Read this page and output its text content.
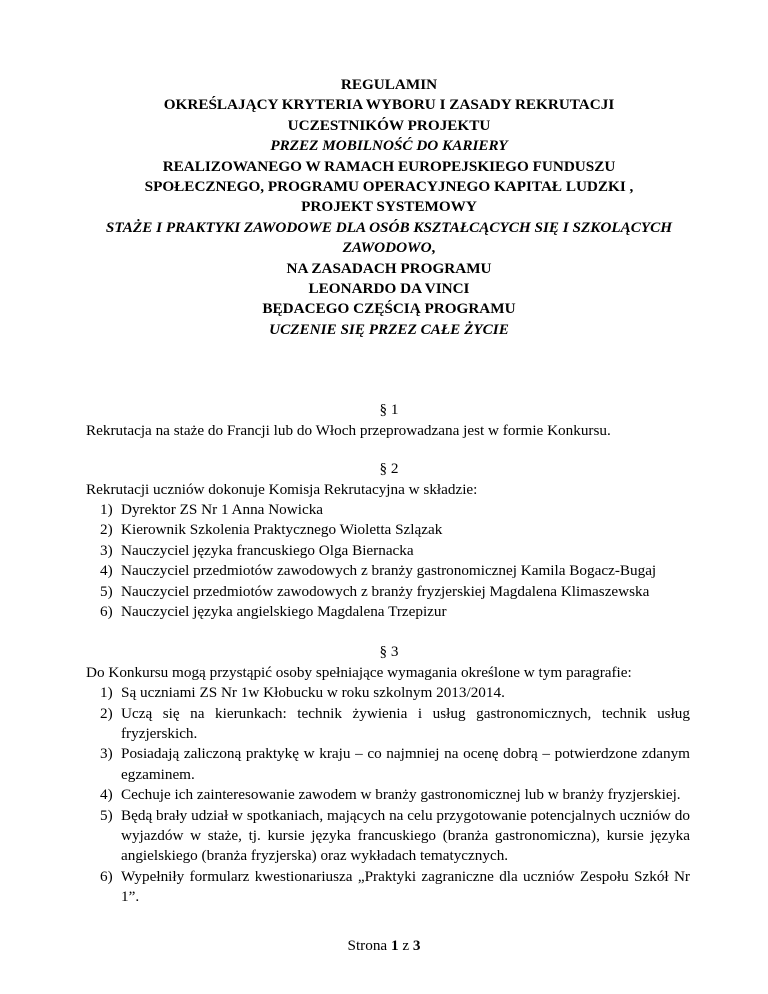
REGULAMIN
OKREŚLAJĄCY KRYTERIA WYBORU I ZASADY REKRUTACJI
UCZESTNIKÓW PROJEKTU
PRZEZ MOBILNOŚĆ DO KARIERY
REALIZOWANEGO W RAMACH EUROPEJSKIEGO FUNDUSZU
SPOŁECZNEGO, PROGRAMU OPERACYJNEGO KAPITAŁ LUDZKI ,
PROJEKT SYSTEMOWY
STAŻE I PRAKTYKI ZAWODOWE DLA OSÓB KSZTAŁCĄCYCH SIĘ I SZKOLĄCYCH
ZAWODOWO,
NA ZASADACH PROGRAMU
LEONARDO DA VINCI
BĘDACEGO CZĘŚCIĄ PROGRAMU
UCZENIE SIĘ PRZEZ CAŁE ŻYCIE
§ 1
Rekrutacja na staże do Francji lub do Włoch przeprowadzana jest w formie Konkursu.
§ 2
Rekrutacji uczniów dokonuje Komisja Rekrutacyjna w składzie:
1) Dyrektor ZS Nr 1 Anna Nowicka
2) Kierownik Szkolenia Praktycznego Wioletta Szlązak
3) Nauczyciel języka francuskiego Olga Biernacka
4) Nauczyciel przedmiotów zawodowych z branży gastronomicznej Kamila Bogacz-Bugaj
5) Nauczyciel przedmiotów zawodowych z branży fryzjerskiej Magdalena Klimaszewska
6) Nauczyciel języka angielskiego Magdalena Trzepizur
§ 3
Do Konkursu mogą przystąpić osoby spełniające wymagania określone w tym paragrafie:
1) Są uczniami ZS Nr 1w Kłobucku w roku szkolnym 2013/2014.
2) Uczą się na kierunkach: technik żywienia i usług gastronomicznych, technik usług fryzjerskich.
3) Posiadają zaliczoną praktykę w kraju – co najmniej na ocenę dobrą – potwierdzone zdanym egzaminem.
4) Cechuje ich zainteresowanie zawodem w branży gastronomicznej lub w branży fryzjerskiej.
5) Będą brały udział w spotkaniach, mających na celu przygotowanie potencjalnych uczniów do wyjazdów w staże, tj. kursie języka francuskiego (branża gastronomiczna), kursie języka angielskiego (branża fryzjerska) oraz wykładach tematycznych.
6) Wypełniły formularz kwestionariusza „Praktyki zagraniczne dla uczniów Zespołu Szkół Nr 1”.
Strona 1 z 3
